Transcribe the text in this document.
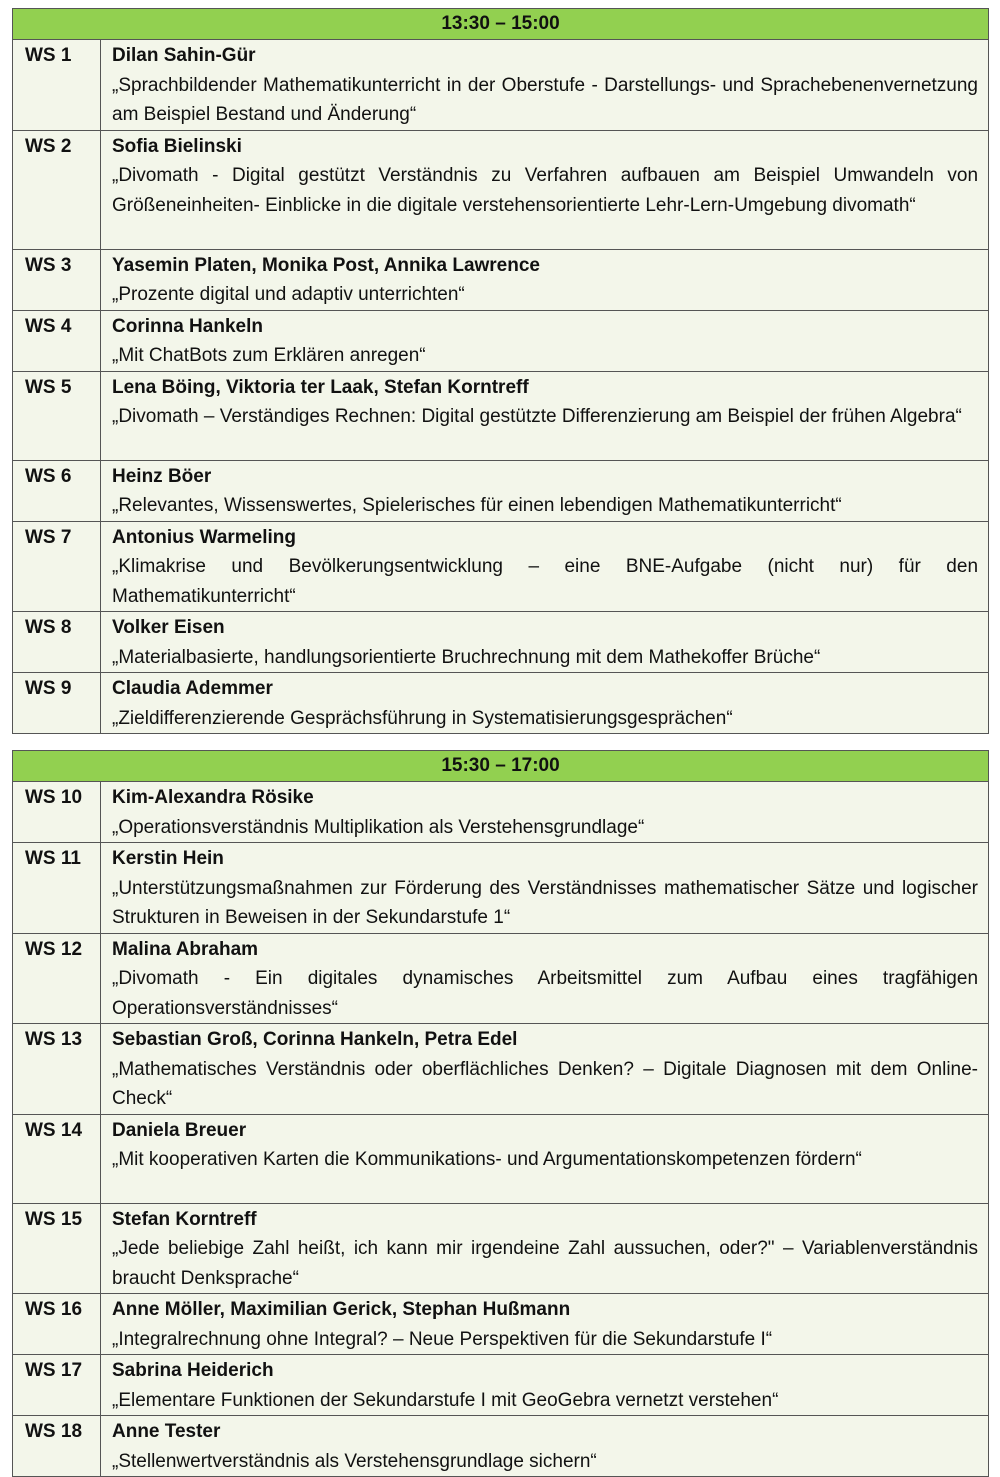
13:30 – 15:00	
WS 1	Dilan Sahin-Gür
„Sprachbildender Mathematikunterricht in der Oberstufe - Darstellungs- und Sprachebenenvernetzung am Beispiel Bestand und Änderung“

WS 2	Sofia Bielinski
„Divomath - Digital gestützt Verständnis zu Verfahren aufbauen am Beispiel Umwandeln von Größeneinheiten- Einblicke in die digitale verstehensorientierte Lehr-Lern-Umgebung divomath“

WS 3	Yasemin Platen, Monika Post, Annika Lawrence
„Prozente digital und adaptiv unterrichten“

WS 4	Corinna Hankeln
„Mit ChatBots zum Erklären anregen“

WS 5	Lena Böing, Viktoria ter Laak, Stefan Korntreff
„Divomath – Verständiges Rechnen: Digital gestützte Differenzierung am Beispiel der frühen Algebra“

WS 6	Heinz Böer
„Relevantes, Wissenswertes, Spielerisches für einen lebendigen Mathematikunterricht“

WS 7	Antonius Warmeling
„Klimakrise und Bevölkerungsentwicklung – eine BNE-Aufgabe (nicht nur) für den Mathematikunterricht“

WS 8	Volker Eisen
„Materialbasierte, handlungsorientierte Bruchrechnung mit dem Mathekoffer Brüche“

WS 9	Claudia Ademmer
„Zieldifferenzierende Gesprächsführung in Systematisierungsgesprächen“
15:30 – 17:00	
WS 10	Kim-Alexandra Rösike
„Operationsverständnis Multiplikation als Verstehensgrundlage“

WS 11	Kerstin Hein
„Unterstützungsmaßnahmen zur Förderung des Verständnisses mathematischer Sätze und logischer Strukturen in Beweisen in der Sekundarstufe 1“

WS 12	Malina Abraham
„Divomath - Ein digitales dynamisches Arbeitsmittel zum Aufbau eines tragfähigen Operationsverständnisses“

WS 13	Sebastian Groß, Corinna Hankeln, Petra Edel
„Mathematisches Verständnis oder oberflächliches Denken? – Digitale Diagnosen mit dem Online-Check“

WS 14	Daniela Breuer
„Mit kooperativen Karten die Kommunikations- und Argumentationskompetenzen fördern“

WS 15	Stefan Korntreff
„Jede beliebige Zahl heißt, ich kann mir irgendeine Zahl aussuchen, oder?" – Variablenverständnis braucht Denksprache“

WS 16	Anne Möller, Maximilian Gerick, Stephan Hußmann
„Integralrechnung ohne Integral? – Neue Perspektiven für die Sekundarstufe I“

WS 17	Sabrina Heiderich
„Elementare Funktionen der Sekundarstufe I mit GeoGebra vernetzt verstehen“

WS 18	Anne Tester
„Stellenwertverständnis als Verstehensgrundlage sichern“
